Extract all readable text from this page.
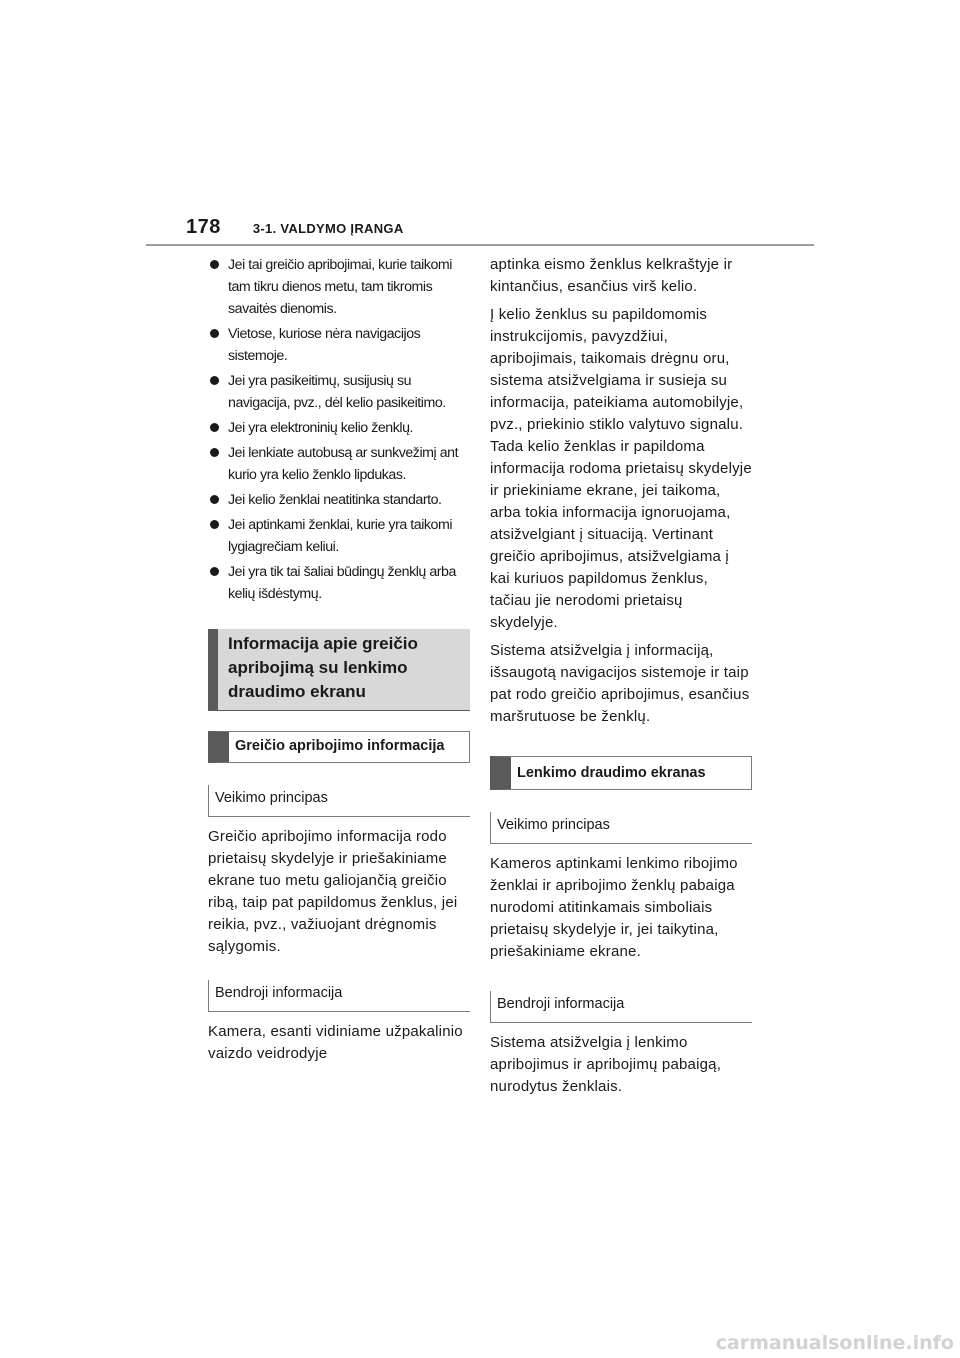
178 3-1. VALDYMO ĮRANGA
Jei tai greičio apribojimai, kurie taikomi tam tikru dienos metu, tam tikromis savaitės dienomis.
Vietose, kuriose nėra navigacijos sistemoje.
Jei yra pasikeitimų, susijusių su navigacija, pvz., dėl kelio pasikeitimo.
Jei yra elektroninių kelio ženklų.
Jei lenkiate autobusą ar sunkvežimį ant kurio yra kelio ženklo lipdukas.
Jei kelio ženklai neatitinka standarto.
Jei aptinkami ženklai, kurie yra taikomi lygiagrečiam keliui.
Jei yra tik tai šaliai būdingų ženklų arba kelių išdėstymų.
Informacija apie greičio apribojimą su lenkimo draudimo ekranu
Greičio apribojimo informacija
Veikimo principas

Greičio apribojimo informacija rodo prietaisų skydelyje ir priešakiniame ekrane tuo metu galiojančią greičio ribą, taip pat papildomus ženklus, jei reikia, pvz., važiuojant drėgnomis sąlygomis.

Bendroji informacija

Kamera, esanti vidiniame užpakalinio vaizdo veidrodyje

aptinka eismo ženklus kelkraštyje ir kintančius, esančius virš kelio.

Į kelio ženklus su papildomomis instrukcijomis, pavyzdžiui, apribojimais, taikomais drėgnu oru, sistema atsižvelgiama ir susieja su informacija, pateikiama automobilyje, pvz., priekinio stiklo valytuvo signalu. Tada kelio ženklas ir papildoma informacija rodoma prietaisų skydelyje ir priekiniame ekrane, jei taikoma, arba tokia informacija ignoruojama, atsižvelgiant į situaciją. Vertinant greičio apribojimus, atsižvelgiama į kai kuriuos papildomus ženklus, tačiau jie nerodomi prietaisų skydelyje.

Sistema atsižvelgia į informaciją, išsaugotą navigacijos sistemoje ir taip pat rodo greičio apribojimus, esančius maršrutuose be ženklų.

Lenkimo draudimo ekranas
Veikimo principas

Kameros aptinkami lenkimo ribojimo ženklai ir apribojimo ženklų pabaiga nurodomi atitinkamais simboliais prietaisų skydelyje ir, jei taikytina, priešakiniame ekrane.

Bendroji informacija

Sistema atsižvelgia į lenkimo apribojimus ir apribojimų pabaigą, nurodytus ženklais.

carmanualsonline.info
